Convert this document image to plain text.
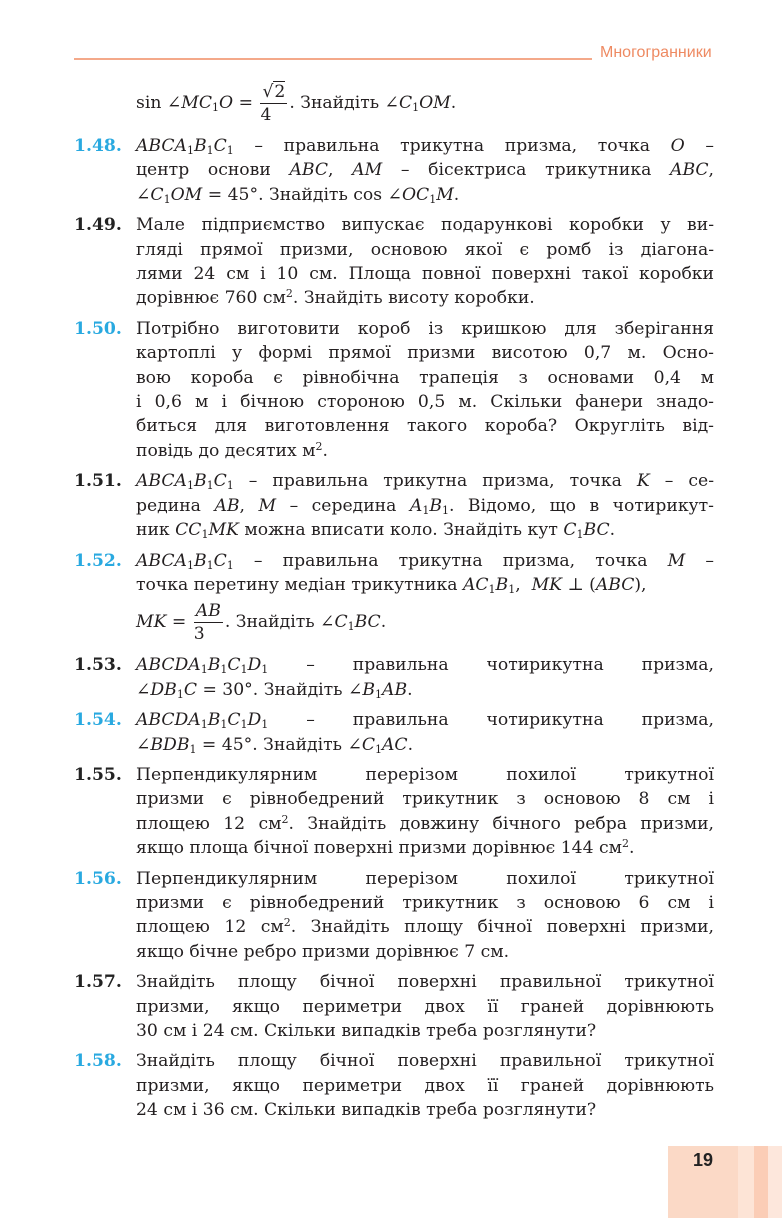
Многогранники
$\sin \angle MC_1O = \frac{√2}{4}$ . Знайдіть $\angle C_1OM$.
1.48. $ABCA_1B_1C_1$ – правильна трикутна призма, точка O –
центр основи ABC, AM – бісектриса трикутника ABC,
$\angle C_1OM = 45^\circ$. Знайдіть $\cos \angle OC_1M$.
1.49. Мале підприємство випускає подарункові коробки у ви-
гляді прямої призми, основою якої є ромб із діагона-
лями 24 см і 10 см. Площа повної поверхні такої коробки
дорівнює 760 $см^2$. Знайдіть висоту коробки.
1.50. Потрібно виготовити короб із кришкою для зберігання
картоплі у формі прямої призми висотою 0,7 м. Осно-
вою короба є рівнобічна трапеція з основами 0,4 м
і 0,6 м і бічною стороною 0,5 м. Скільки фанери знадо-
биться для виготовлення такого короба? Округліть від-
повідь до десятих $м^2$.
1.51. $ABCA_1B_1C_1$ – правильна трикутна призма, точка K – се-
редина AB, M – середина $A_1B_1$. Відомо, що в чотирикут-
ник $CC_1MK$ можна вписати коло. Знайдіть кут $C_1BC$.
1.52. $ABCA_1B_1C_1$ – правильна трикутна призма, точка M –
точка перетину медіан трикутника $AC_1B_1$,  MK ⊥ (ABC),
MK = $\frac{AB}{3}$ . Знайдіть $\angle C_1BC$.
1.53. $ABCDA_1B_1C_1D_1$ – правильна чотирикутна призма,
$\angle DB_1C = 30^\circ$. Знайдіть $\angle B_1AB$.
1.54. $ABCDA_1B_1C_1D_1$ – правильна чотирикутна призма,
$\angle BDB_1 = 45^\circ$. Знайдіть $\angle C_1AC$.
1.55. Перпендикулярним перерізом похилої трикутної
призми є рівнобедрений трикутник з основою 8 см і
площею 12 $см^2$. Знайдіть довжину бічного ребра призми,
якщо площа бічної поверхні призми дорівнює 144 $см^2$.
1.56. Перпендикулярним перерізом похилої трикутної
призми є рівнобедрений трикутник з основою 6 см і
площею 12 $см^2$. Знайдіть площу бічної поверхні призми,
якщо бічне ребро призми дорівнює 7 см.
1.57. Знайдіть площу бічної поверхні правильної трикутної
призми, якщо периметри двох її граней дорівнюють
30 см і 24 см. Скільки випадків треба розглянути?
1.58. Знайдіть площу бічної поверхні правильної трикутної
призми, якщо периметри двох її граней дорівнюють
24 см і 36 см. Скільки випадків треба розглянути?
19
